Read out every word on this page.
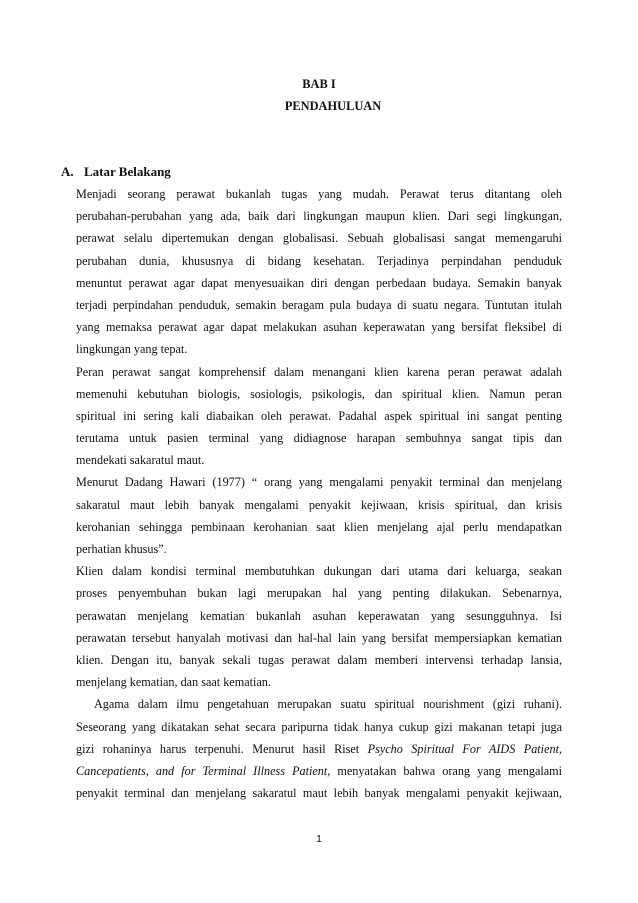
BAB I
PENDAHULUAN
A. Latar Belakang
Menjadi seorang perawat bukanlah tugas yang mudah. Perawat terus ditantang oleh
perubahan-perubahan yang ada, baik dari lingkungan maupun klien. Dari segi lingkungan,
perawat selalu dipertemukan dengan globalisasi. Sebuah globalisasi sangat memengaruhi
perubahan dunia, khususnya di bidang kesehatan. Terjadinya perpindahan penduduk
menuntut perawat agar dapat menyesuaikan diri dengan perbedaan budaya. Semakin banyak
terjadi perpindahan penduduk, semakin beragam pula budaya di suatu negara. Tuntutan itulah
yang memaksa perawat agar dapat melakukan asuhan keperawatan yang bersifat fleksibel di
lingkungan yang tepat.
Peran perawat sangat komprehensif dalam menangani klien karena peran perawat adalah
memenuhi kebutuhan biologis, sosiologis, psikologis, dan spiritual klien. Namun peran
spiritual ini sering kali diabaikan oleh perawat. Padahal aspek spiritual ini sangat penting
terutama untuk pasien terminal yang didiagnose harapan sembuhnya sangat tipis dan
mendekati sakaratul maut.
Menurut Dadang Hawari (1977) “ orang yang mengalami penyakit terminal dan menjelang
sakaratul maut lebih banyak mengalami penyakit kejiwaan, krisis spiritual, dan krisis
kerohanian sehingga pembinaan kerohanian saat klien menjelang ajal perlu mendapatkan
perhatian khusus”.
Klien dalam kondisi terminal membutuhkan dukungan dari utama dari keluarga, seakan
proses penyembuhan bukan lagi merupakan hal yang penting dilakukan. Sebenarnya,
perawatan menjelang kematian bukanlah asuhan keperawatan yang sesungguhnya. Isi
perawatan tersebut hanyalah motivasi dan hal-hal lain yang bersifat mempersiapkan kematian
klien. Dengan itu, banyak sekali tugas perawat dalam memberi intervensi terhadap lansia,
menjelang kematian, dan saat kematian.
Agama dalam ilmu pengetahuan merupakan suatu spiritual nourishment (gizi ruhani).
Seseorang yang dikatakan sehat secara paripurna tidak hanya cukup gizi makanan tetapi juga
gizi rohaninya harus terpenuhi. Menurut hasil Riset Psycho Spiritual For AIDS Patient,
Cancepatients, and for Terminal Illness Patient, menyatakan bahwa orang yang mengalami
penyakit terminal dan menjelang sakaratul maut lebih banyak mengalami penyakit kejiwaan,
1
